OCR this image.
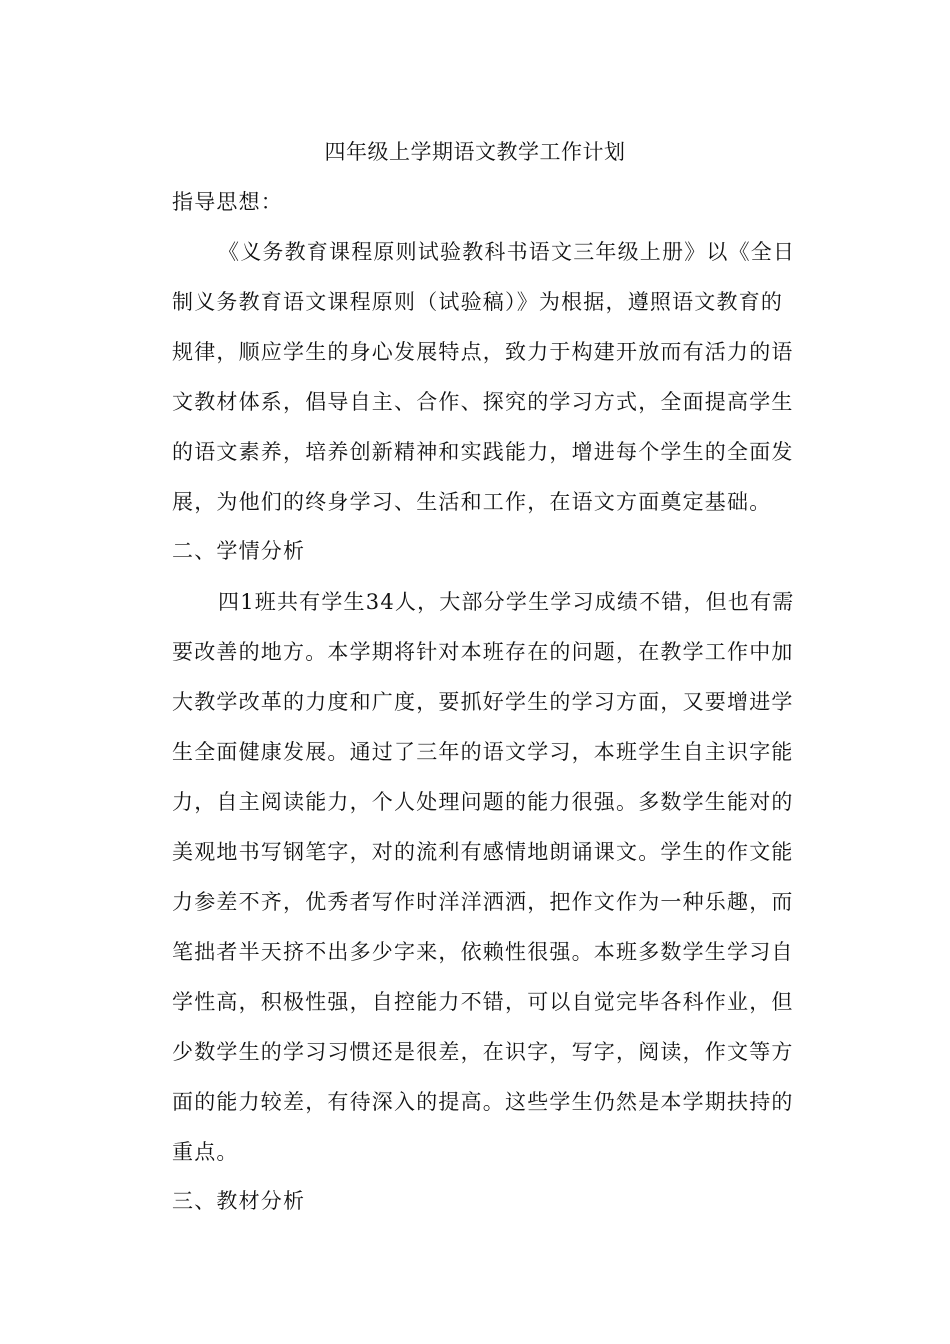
四年级上学期语文教学工作计划
指导思想：
《义务教育课程原则试验教科书语文三年级上册》以《全日
制义务教育语文课程原则（试验稿）》为根据，遵照语文教育的
规律，顺应学生的身心发展特点，致力于构建开放而有活力的语
文教材体系，倡导自主、合作、探究的学习方式，全面提高学生
的语文素养，培养创新精神和实践能力，增进每个学生的全面发
展，为他们的终身学习、生活和工作，在语文方面奠定基础。
二、学情分析
四1班共有学生34人，大部分学生学习成绩不错，但也有需
要改善的地方。本学期将针对本班存在的问题，在教学工作中加
大教学改革的力度和广度，要抓好学生的学习方面，又要增进学
生全面健康发展。通过了三年的语文学习，本班学生自主识字能
力，自主阅读能力，个人处理问题的能力很强。多数学生能对的
美观地书写钢笔字，对的流利有感情地朗诵课文。学生的作文能
力参差不齐，优秀者写作时洋洋洒洒，把作文作为一种乐趣，而
笔拙者半天挤不出多少字来，依赖性很强。本班多数学生学习自
学性高，积极性强，自控能力不错，可以自觉完毕各科作业，但
少数学生的学习习惯还是很差，在识字，写字，阅读，作文等方
面的能力较差，有待深入的提高。这些学生仍然是本学期扶持的
重点。
三、教材分析
